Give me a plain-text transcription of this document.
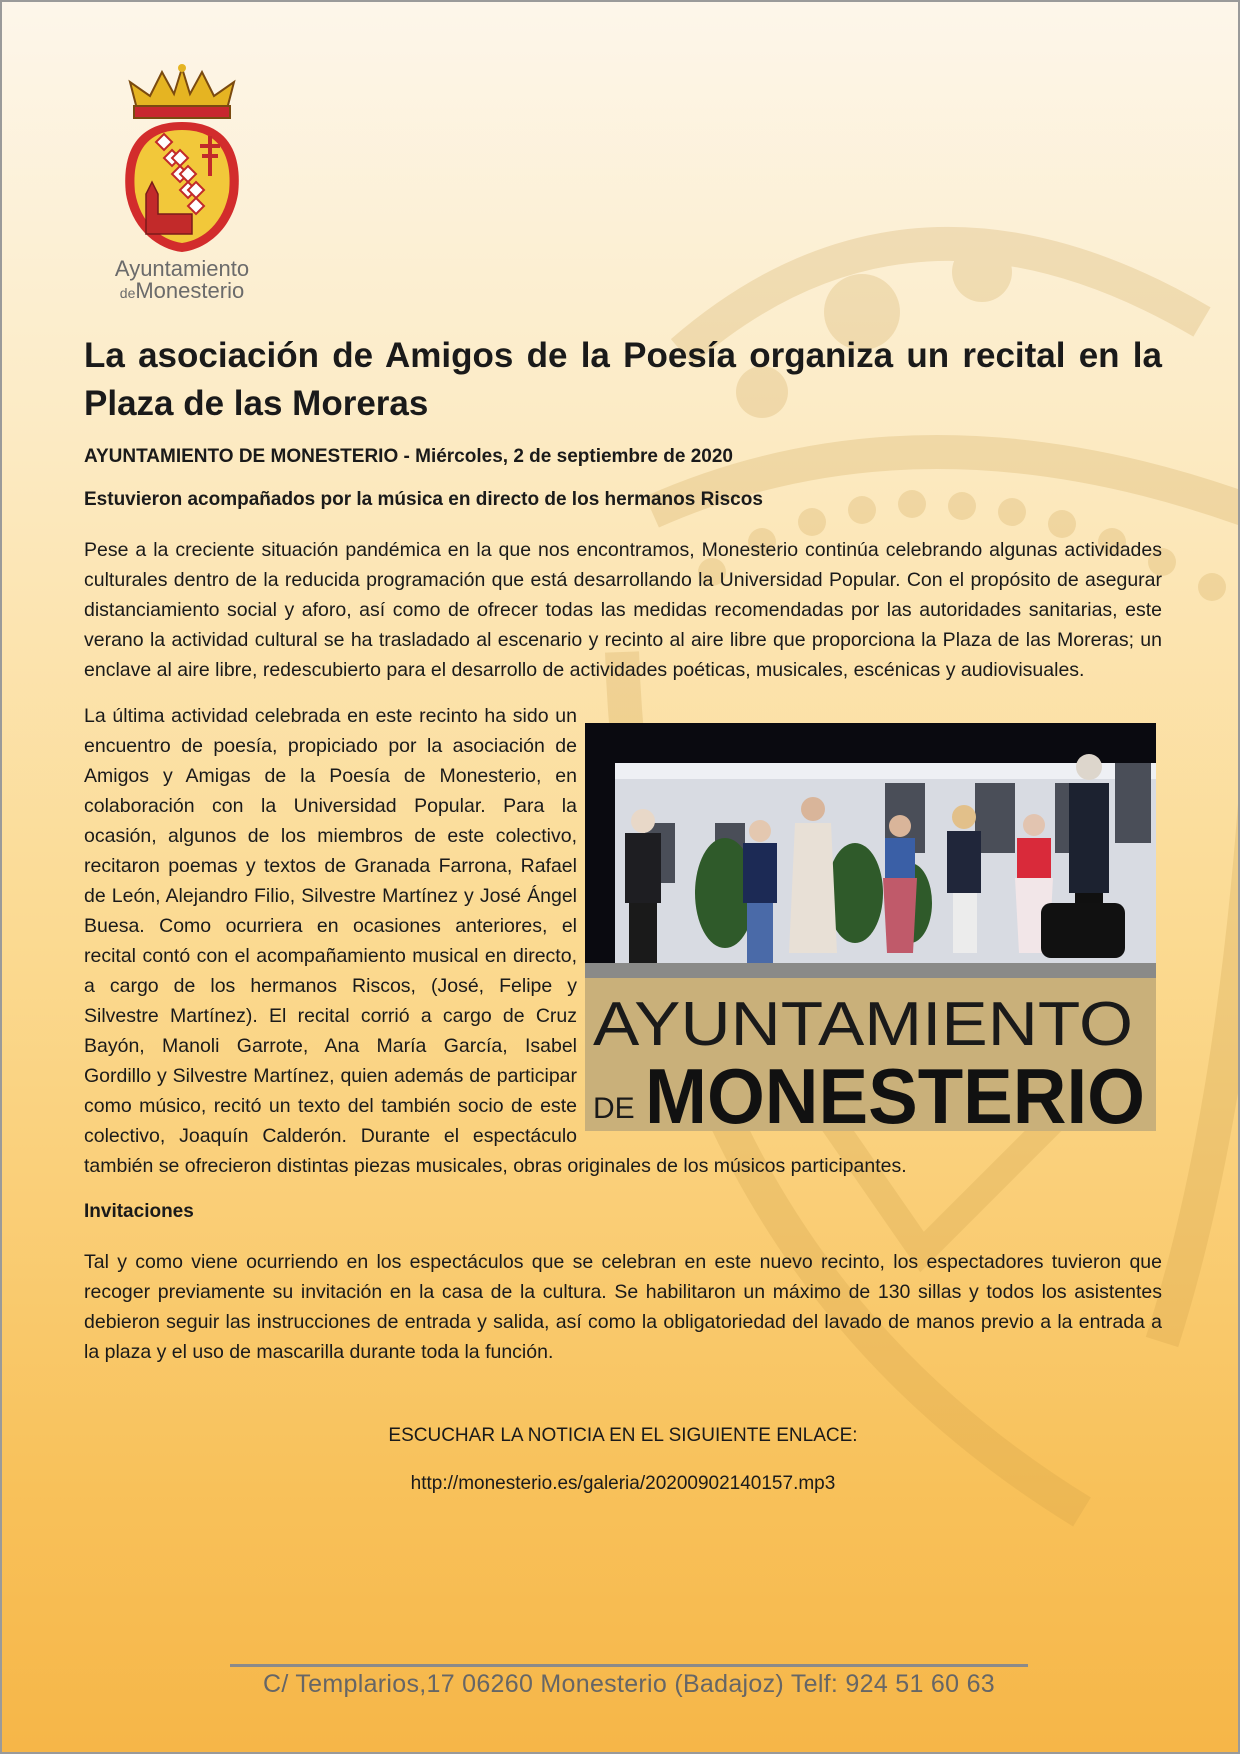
Ayuntamiento
deMonesterio
La asociación de Amigos de la Poesía organiza un recital en la Plaza de las Moreras
AYUNTAMIENTO DE MONESTERIO - Miércoles, 2 de septiembre de 2020
Estuvieron acompañados por la música en directo de los hermanos Riscos

Pese a la creciente situación pandémica en la que nos encontramos, Monesterio continúa celebrando algunas actividades culturales dentro de la reducida programación que está desarrollando la Universidad Popular. Con el propósito de asegurar distanciamiento social y aforo, así como de ofrecer todas las medidas recomendadas por las autoridades sanitarias, este verano la actividad cultural se ha trasladado al escenario y recinto al aire libre que proporciona la Plaza de las Moreras; un enclave al aire libre, redescubierto para el desarrollo de actividades poéticas, musicales, escénicas y audiovisuales.

AYUNTAMIENTO
DE MONESTERIO
La última actividad celebrada en este recinto ha sido un encuentro de poesía, propiciado por la asociación de Amigos y Amigas de la Poesía de Monesterio, en colaboración con la Universidad Popular. Para la ocasión, algunos de los miembros de este colectivo, recitaron poemas y textos de Granada Farrona, Rafael de León, Alejandro Filio, Silvestre Martínez y José Ángel Buesa. Como ocurriera en ocasiones anteriores, el recital contó con el acompañamiento musical en directo, a cargo de los hermanos Riscos, (José, Felipe y Silvestre Martínez). El recital corrió a cargo de Cruz Bayón, Manoli Garrote, Ana María García, Isabel Gordillo y Silvestre Martínez, quien además de participar como músico, recitó un texto del también socio de este colectivo, Joaquín Calderón. Durante el espectáculo también se ofrecieron distintas piezas musicales, obras originales de los músicos participantes.

Invitaciones

Tal y como viene ocurriendo en los espectáculos que se celebran en este nuevo recinto, los espectadores tuvieron que recoger previamente su invitación en la casa de la cultura. Se habilitaron un máximo de 130 sillas y todos los asistentes debieron seguir las instrucciones de entrada y salida, así como la obligatoriedad del lavado de manos previo a la entrada a la plaza y el uso de mascarilla durante toda la función.

ESCUCHAR LA NOTICIA EN EL SIGUIENTE ENLACE:
http://monesterio.es/galeria/20200902140157.mp3
C/ Templarios,17 06260 Monesterio (Badajoz) Telf: 924 51 60 63
